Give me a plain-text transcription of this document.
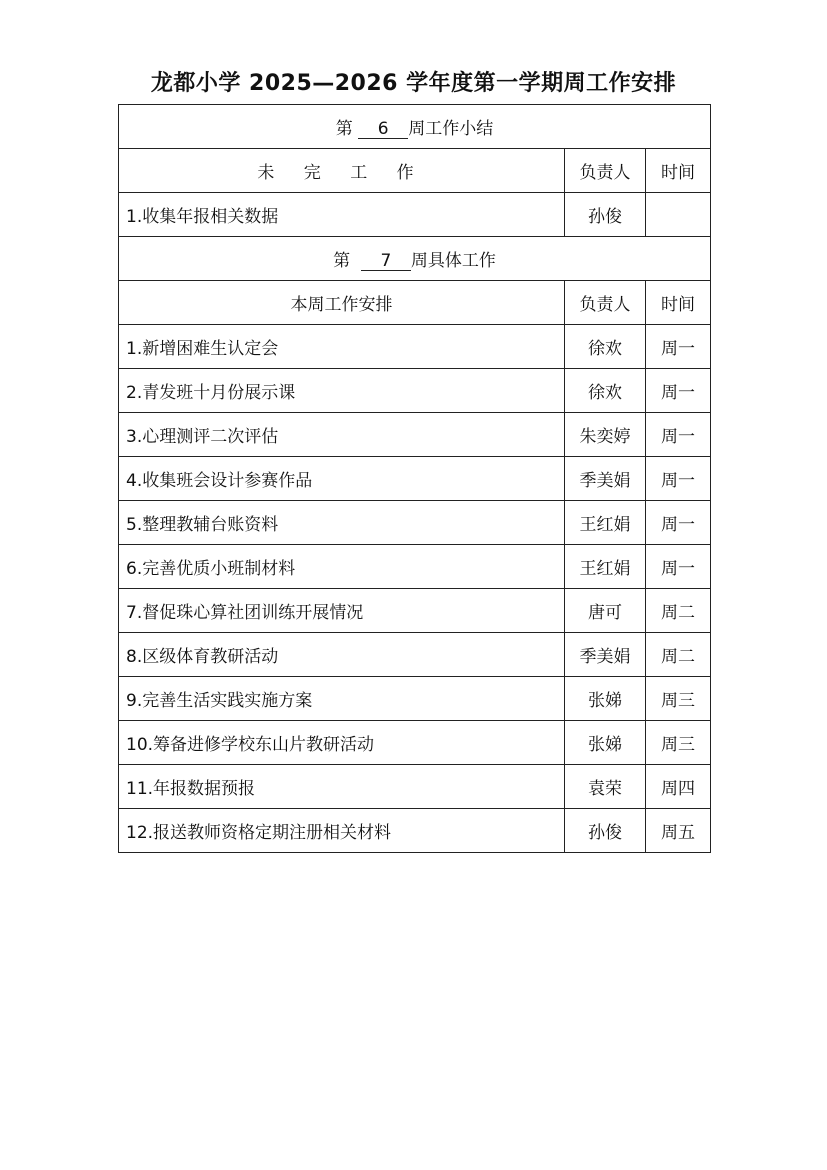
龙都小学 2025—2026 学年度第一学期周工作安排
第 6 周工作小结		
未 完 工 作	负责人	时间
1.收集年报相关数据	孙俊	
第 7 周具体工作		
本周工作安排	负责人	时间
1.新增困难生认定会	徐欢	周一
2.青发班十月份展示课	徐欢	周一
3.心理测评二次评估	朱奕婷	周一
4.收集班会设计参赛作品	季美娟	周一
5.整理教辅台账资料	王红娟	周一
6.完善优质小班制材料	王红娟	周一
7.督促珠心算社团训练开展情况	唐可	周二
8.区级体育教研活动	季美娟	周二
9.完善生活实践实施方案	张娣	周三
10.筹备进修学校东山片教研活动	张娣	周三
11.年报数据预报	袁荣	周四
12.报送教师资格定期注册相关材料	孙俊	周五
